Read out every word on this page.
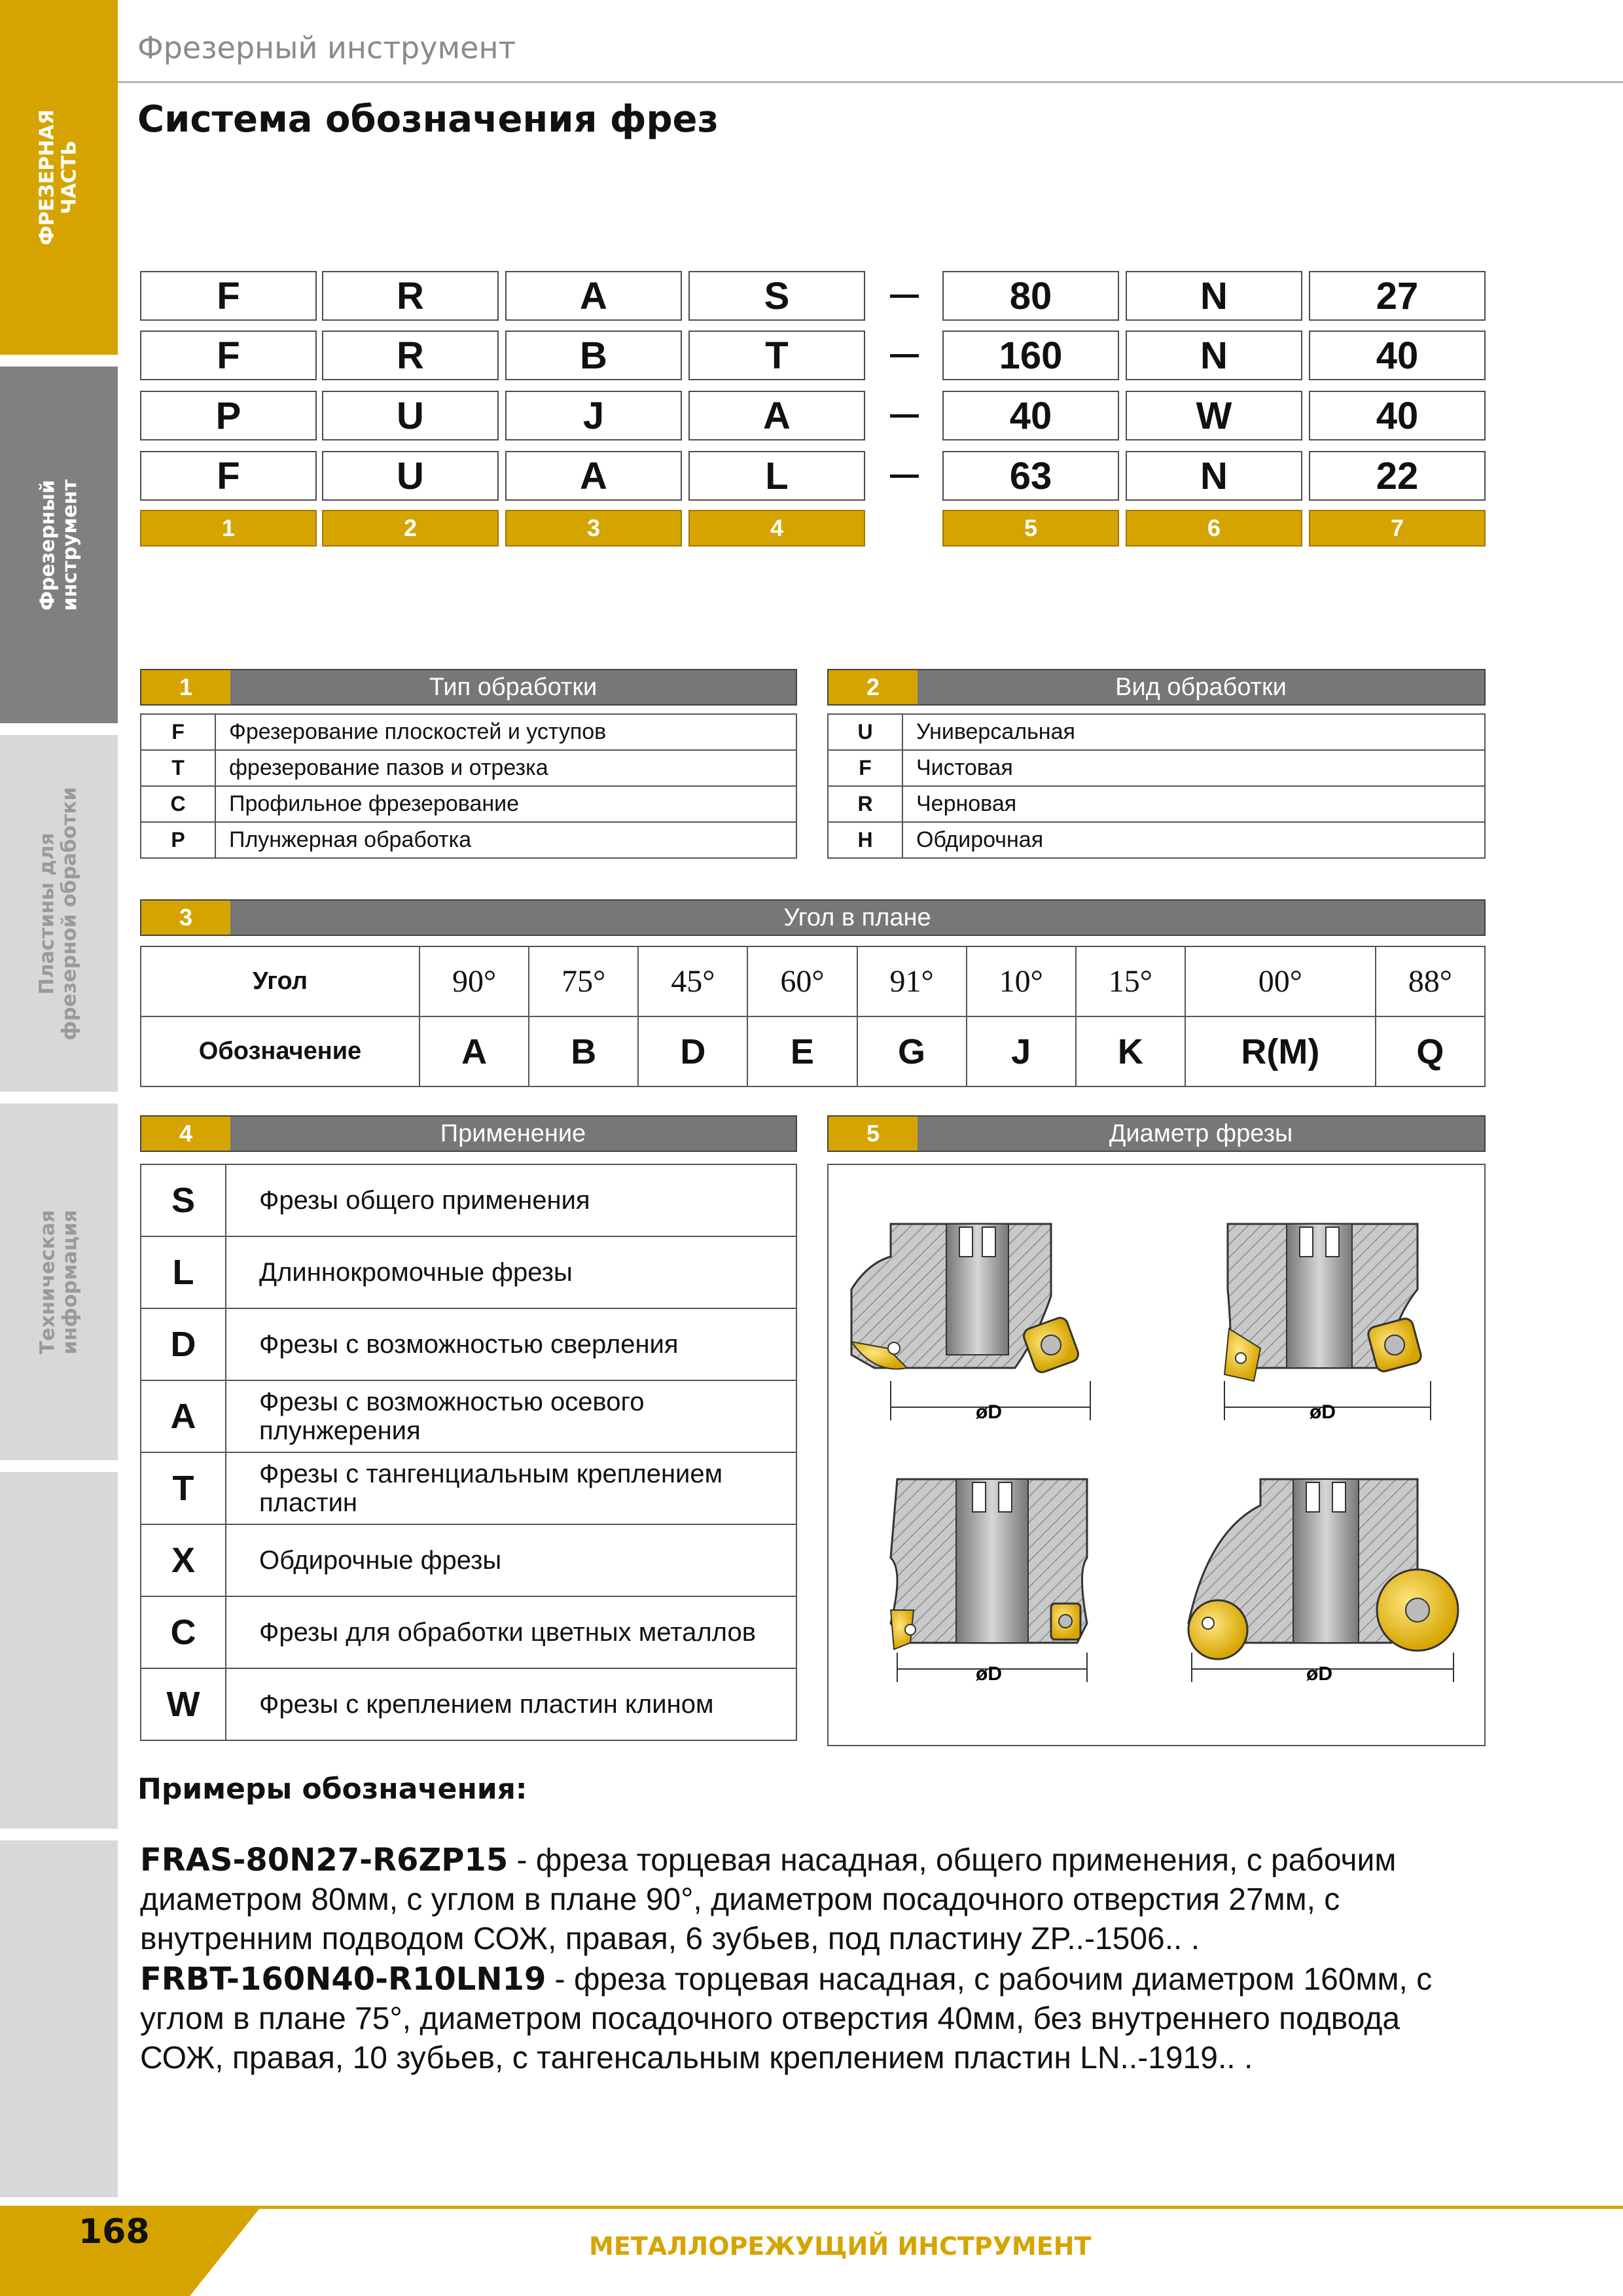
ФРЕЗЕРНАЯ ЧАСТЬ
Фрезерный инструмент
Пластины для фрезерной обработки
Техническая информация
Фрезерный инструмент
Система обозначения фрез
F	R	A	S	80	N	27
F	R	B	T	160	N	40
P	U	J	A	40	W	40
F	U	A	L	63	N	22
1	2	3	4	5	6	7
1	Тип обработки
F	Фрезерование плоскостей и уступов
T	фрезерование пазов и отрезка
C	Профильное фрезерование
P	Плунжерная обработка
2	Вид обработки
U	Универсальная
F	Чистовая
R	Черновая
H	Обдирочная
3	Угол в плане
Угол	90°	75°	45°	60°	91°	10°	15°	00°	88°
Обозначение	A	B	D	E	G	J	K	R(M)	Q
4	Применение
S	Фрезы общего применения
L	Длиннокромочные фрезы
D	Фрезы с возможностью сверления
A	Фрезы с возможностью осевого плунжерения
T	Фрезы с тангенциальным креплением пластин
X	Обдирочные фрезы
C	Фрезы для обработки цветных металлов
W	Фрезы с креплением пластин клином
5	Диаметр фрезы
øD	øD
øD	øD
Примеры обозначения:
FRAS-80N27-R6ZP15 - фреза торцевая насадная, общего применения, с рабочим диаметром 80мм, с углом в плане 90°, диаметром посадочного отверстия 27мм, с внутренним подводом СОЖ, правая, 6 зубьев, под пластину ZP..-1506.. .
FRBT-160N40-R10LN19 - фреза торцевая насадная, с рабочим диаметром 160мм, с углом в плане 75°, диаметром посадочного отверстия 40мм, без внутреннего подвода СОЖ, правая, 10 зубьев, с тангенсальным креплением пластин LN..-1919.. .
168	МЕТАЛЛОРЕЖУЩИЙ ИНСТРУМЕНТ
